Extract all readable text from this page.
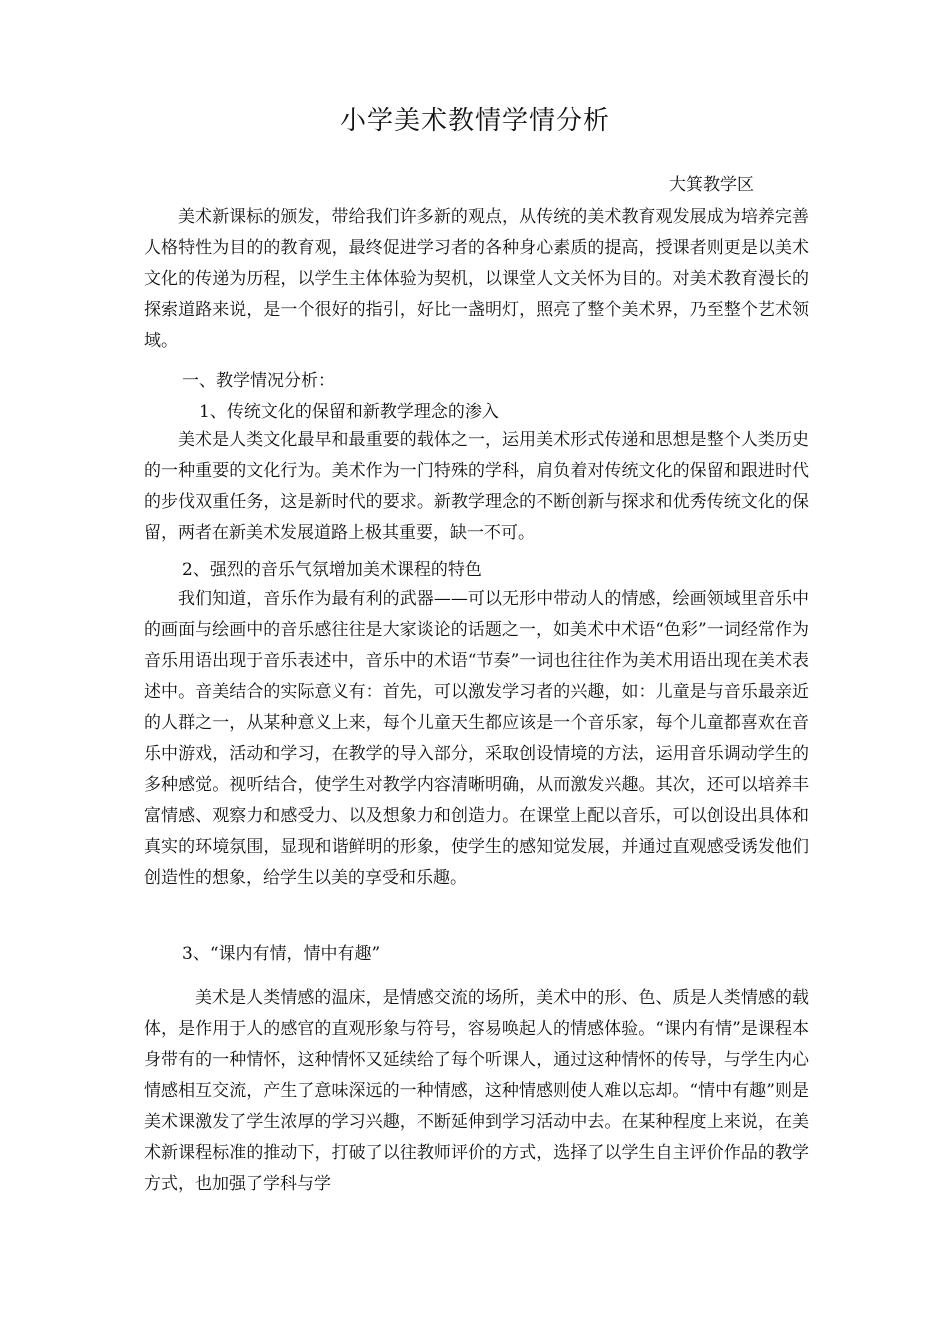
小学美术教情学情分析

大箕教学区

美术新课标的颁发，带给我们许多新的观点，从传统的美术教育观发展成为培养完善人格特性为目的的教育观，最终促进学习者的各种身心素质的提高，授课者则更是以美术文化的传递为历程，以学生主体体验为契机，以课堂人文关怀为目的。对美术教育漫长的探索道路来说，是一个很好的指引，好比一盏明灯，照亮了整个美术界，乃至整个艺术领域。

一、教学情况分析：

1、传统文化的保留和新教学理念的渗入

美术是人类文化最早和最重要的载体之一，运用美术形式传递和思想是整个人类历史的一种重要的文化行为。美术作为一门特殊的学科，肩负着对传统文化的保留和跟进时代的步伐双重任务，这是新时代的要求。新教学理念的不断创新与探求和优秀传统文化的保留，两者在新美术发展道路上极其重要，缺一不可。

2、强烈的音乐气氛增加美术课程的特色

我们知道，音乐作为最有利的武器——可以无形中带动人的情感，绘画领域里音乐中的画面与绘画中的音乐感往往是大家谈论的话题之一，如美术中术语“色彩”一词经常作为音乐用语出现于音乐表述中，音乐中的术语“节奏”一词也往往作为美术用语出现在美术表述中。音美结合的实际意义有：首先，可以激发学习者的兴趣，如：儿童是与音乐最亲近的人群之一，从某种意义上来，每个儿童天生都应该是一个音乐家，每个儿童都喜欢在音乐中游戏，活动和学习，在教学的导入部分，采取创设情境的方法，运用音乐调动学生的多种感觉。视听结合，使学生对教学内容清晰明确，从而激发兴趣。其次，还可以培养丰富情感、观察力和感受力、以及想象力和创造力。在课堂上配以音乐，可以创设出具体和真实的环境氛围，显现和谐鲜明的形象，使学生的感知觉发展，并通过直观感受诱发他们创造性的想象，给学生以美的享受和乐趣。

3、“课内有情，情中有趣”

美术是人类情感的温床，是情感交流的场所，美术中的形、色、质是人类情感的载体，是作用于人的感官的直观形象与符号，容易唤起人的情感体验。“课内有情”是课程本身带有的一种情怀，这种情怀又延续给了每个听课人，通过这种情怀的传导，与学生内心情感相互交流，产生了意味深远的一种情感，这种情感则使人难以忘却。“情中有趣”则是美术课激发了学生浓厚的学习兴趣，不断延伸到学习活动中去。在某种程度上来说，在美术新课程标准的推动下，打破了以往教师评价的方式，选择了以学生自主评价作品的教学方式，也加强了学科与学
